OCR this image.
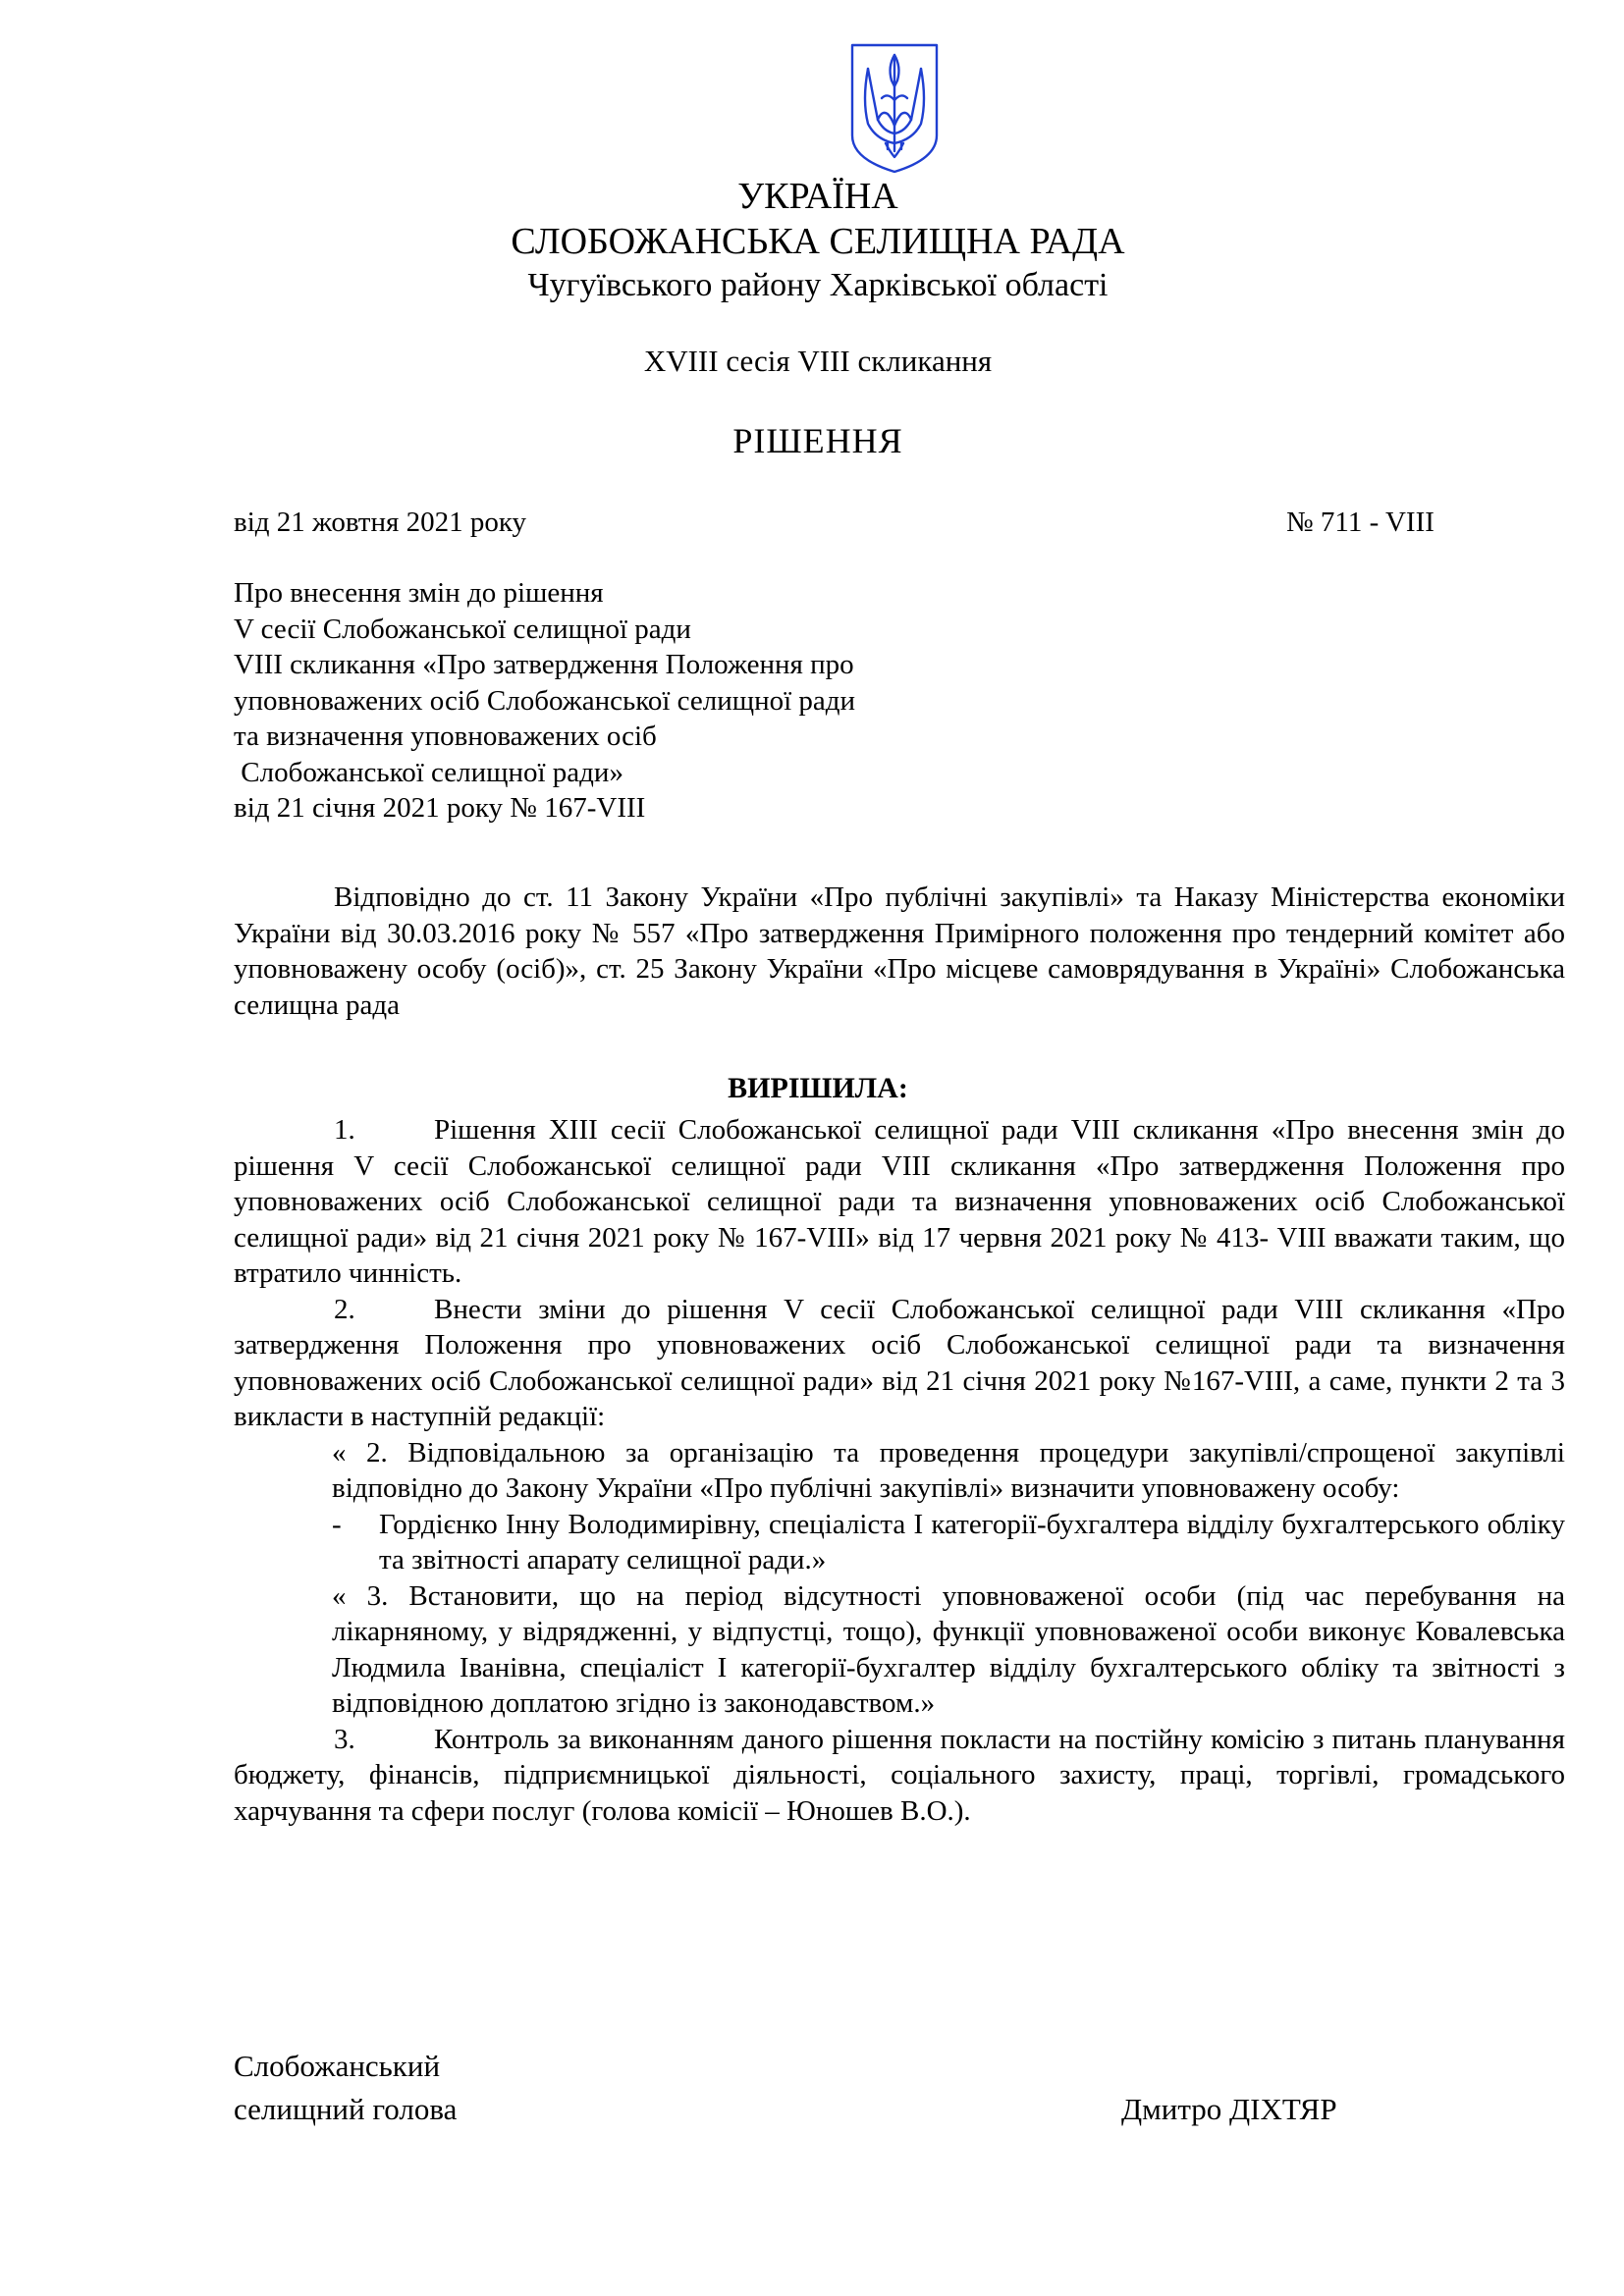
УКРАЇНА
СЛОБОЖАНСЬКА СЕЛИЩНА РАДА
Чугуївського району Харківської області
XVIII сесія VIII скликання
РІШЕННЯ
від 21 жовтня 2021 року	№ 711 - VIII
Про внесення змін до рішення
V сесії Слобожанської селищної ради
VIII скликання «Про затвердження Положення про
уповноважених осіб Слобожанської селищної ради
та визначення уповноважених осіб
Слобожанської селищної ради»
від 21 січня 2021 року № 167-VIII
Відповідно до ст. 11 Закону України «Про публічні закупівлі» та Наказу Міністерства економіки України від 30.03.2016 року № 557 «Про затвердження Примірного положення про тендерний комітет або уповноважену особу (осіб)», ст. 25 Закону України «Про місцеве самоврядування в Україні» Слобожанська селищна рада
ВИРІШИЛА:
1.	Рішення XIII сесії Слобожанської селищної ради VIII скликання «Про внесення змін до рішення V сесії Слобожанської селищної ради VIII скликання «Про затвердження Положення про уповноважених осіб Слобожанської селищної ради та визначення уповноважених осіб Слобожанської селищної ради» від 21 січня 2021 року № 167-VIII» від 17 червня 2021 року № 413- VIII вважати таким, що втратило чинність.
2.	Внести зміни до рішення V сесії Слобожанської селищної ради VIII скликання «Про затвердження Положення про уповноважених осіб Слобожанської селищної ради та визначення уповноважених осіб Слобожанської селищної ради» від 21 січня 2021 року №167-VIII, а саме, пункти 2 та 3 викласти в наступній редакції:
« 2. Відповідальною за організацію та проведення процедури закупівлі/спрощеної закупівлі відповідно до Закону України «Про публічні закупівлі» визначити уповноважену особу:
-	Гордієнко Інну Володимирівну, спеціаліста І категорії-бухгалтера відділу бухгалтерського обліку та звітності апарату селищної ради.»
« 3. Встановити, що на період відсутності уповноваженої особи (під час перебування на лікарняному, у відрядженні, у відпустці, тощо), функції уповноваженої особи виконує Ковалевська Людмила Іванівна, спеціаліст І категорії-бухгалтер відділу бухгалтерського обліку та звітності з відповідною доплатою згідно із законодавством.»
3.	Контроль за виконанням даного рішення покласти на постійну комісію з питань планування бюджету, фінансів, підприємницької діяльності, соціального захисту, праці, торгівлі, громадського харчування та сфери послуг (голова комісії – Юношев В.О.).
Слобожанський
селищний голова	Дмитро ДІХТЯР
